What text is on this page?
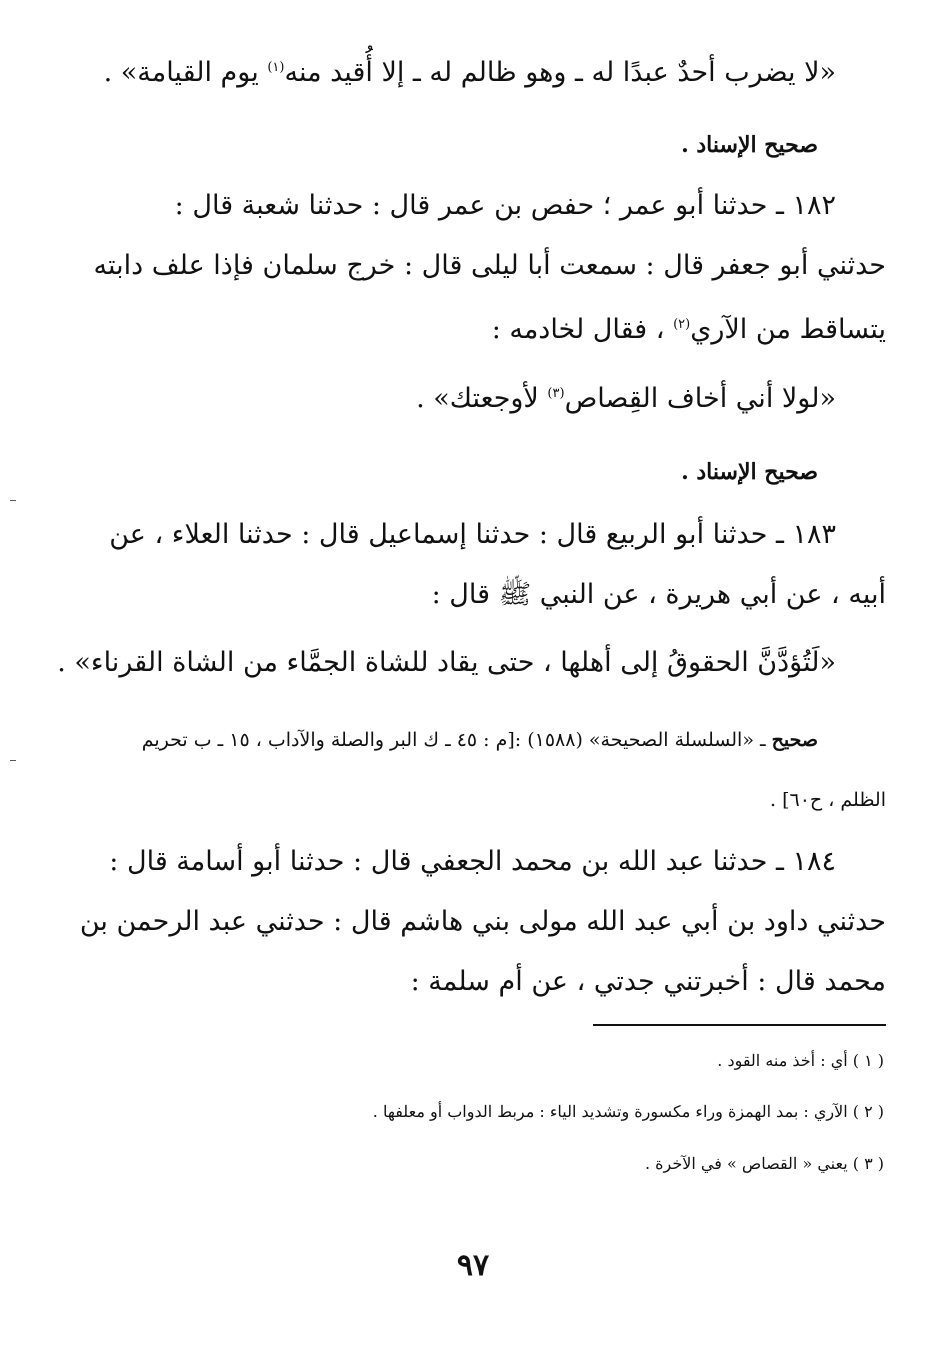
«لا يضرب أحدٌ عبدًا له ـ وهو ظالم له ـ إلا أُقيد منه$^{(١)}$ يوم القيامة» .
صحيح الإسناد .
١٨٢ ـ حدثنا أبو عمر ؛ حفص بن عمر قال : حدثنا شعبة قال :
حدثني أبو جعفر قال : سمعت أبا ليلى قال : خرج سلمان فإذا علف دابته
يتساقط من الآري$^{(٢)}$ ، فقال لخادمه :
«لولا أني أخاف القِصاص$^{(٣)}$ لأوجعتك» .
صحيح الإسناد .
١٨٣ ـ حدثنا أبو الربيع قال : حدثنا إسماعيل قال : حدثنا العلاء ، عن
أبيه ، عن أبي هريرة ، عن النبي ﷺ قال :
«لَتُؤدَّنَّ الحقوقُ إلى أهلها ، حتى يقاد للشاة الجمَّاء من الشاة القرناء» .
صحيح ـ «السلسلة الصحيحة» (١٥٨٨) :[م : ٤٥ ـ ك البر والصلة والآداب ، ١٥ ـ ب تحريم
الظلم ، ح٦٠] .
١٨٤ ـ حدثنا عبد الله بن محمد الجعفي قال : حدثنا أبو أسامة قال :
حدثني داود بن أبي عبد الله مولى بني هاشم قال : حدثني عبد الرحمن بن
محمد قال : أخبرتني جدتي ، عن أم سلمة :
( ١ ) أي : أخذ منه القود .
( ٢ ) الآري : بمد الهمزة وراء مكسورة وتشديد الياء : مربط الدواب أو معلفها .
( ٣ ) يعني « القصاص » في الآخرة .
٩٧
